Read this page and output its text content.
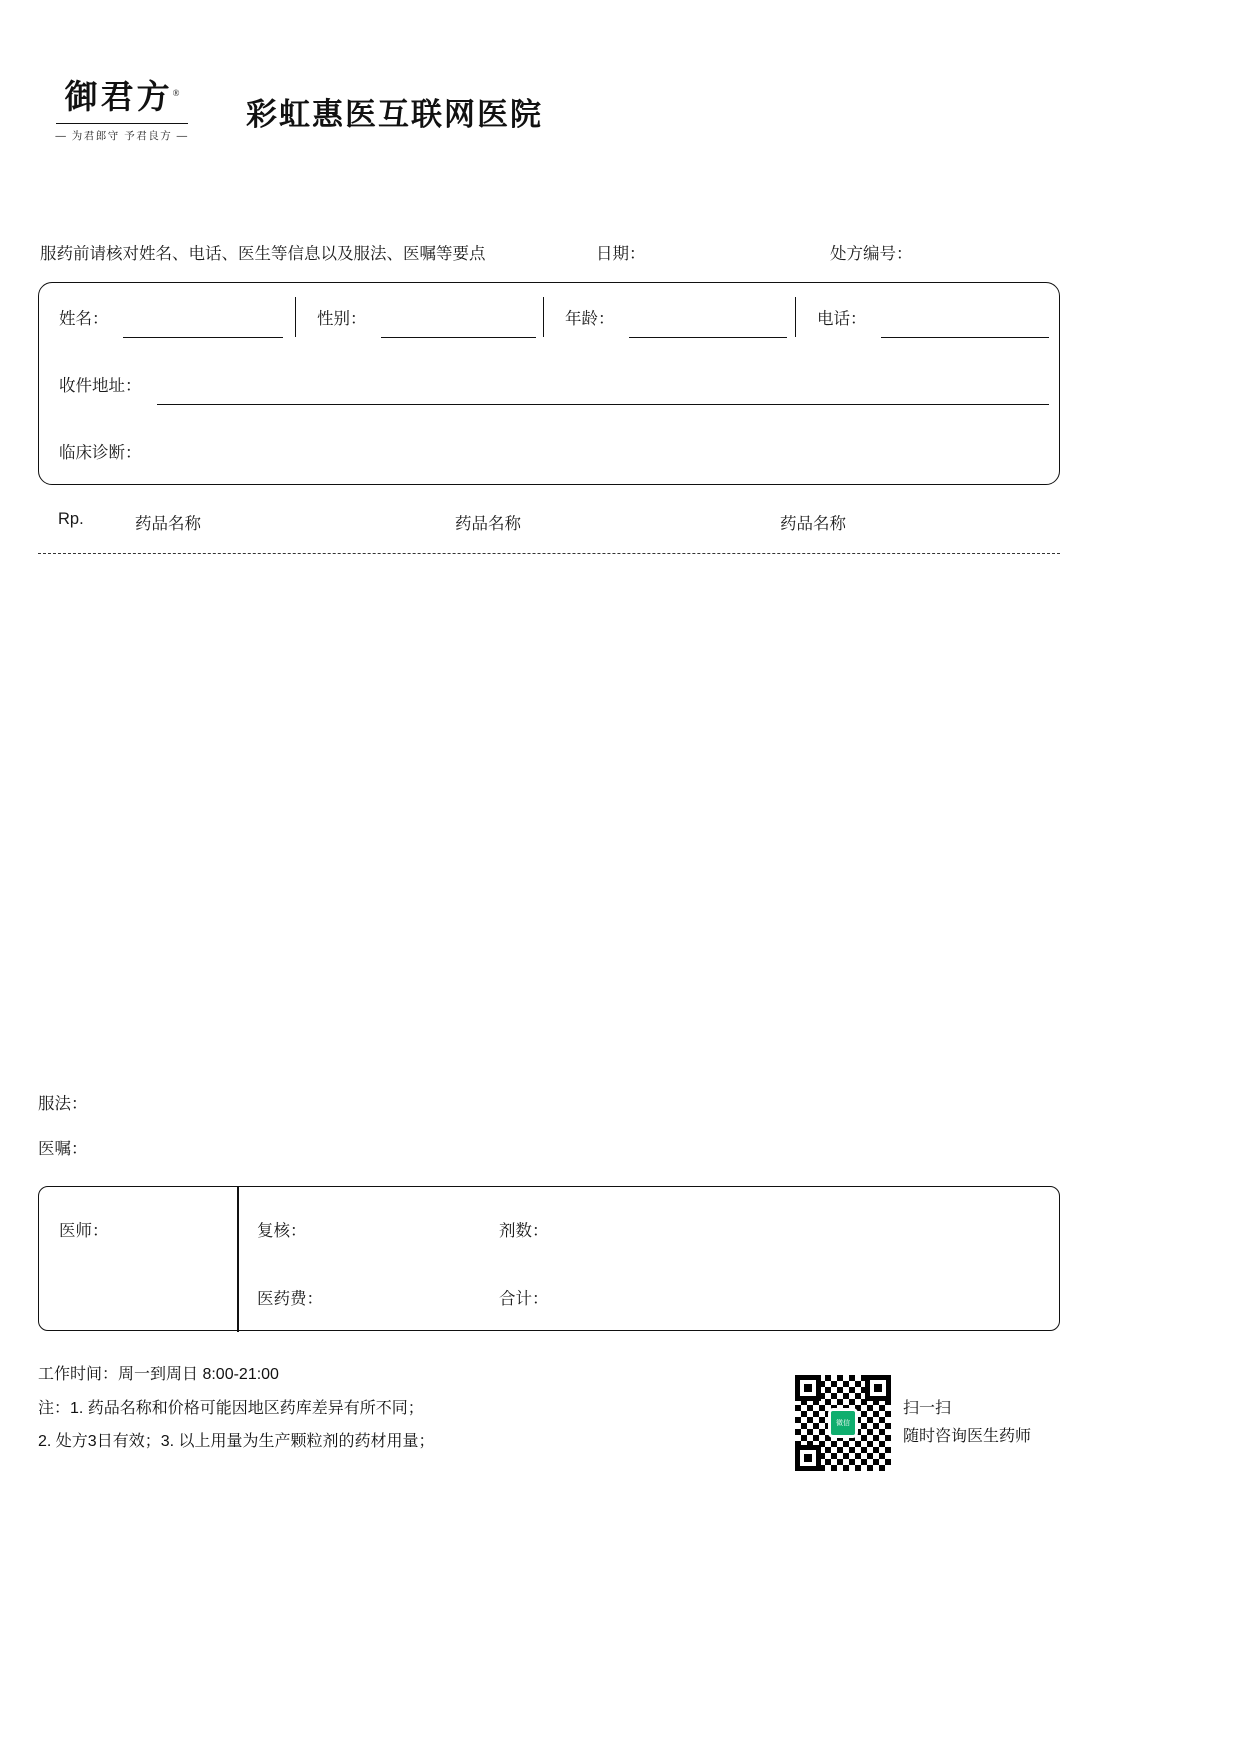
御君方®
— 为君郎守 予君良方 —
彩虹惠医互联网医院
服药前请核对姓名、电话、医生等信息以及服法、医嘱等要点	日期：	处方编号：
姓名：	性别：	年龄：	电话：
收件地址：
临床诊断：
Rp.	药品名称	药品名称	药品名称
服法：
医嘱：
医师：	复核：	剂数：
医药费：	合计：
工作时间：周一到周日 8:00-21:00
注：1. 药品名称和价格可能因地区药库差异有所不同；
2. 处方3日有效；3. 以上用量为生产颗粒剂的药材用量；
微信
扫一扫
随时咨询医生药师
